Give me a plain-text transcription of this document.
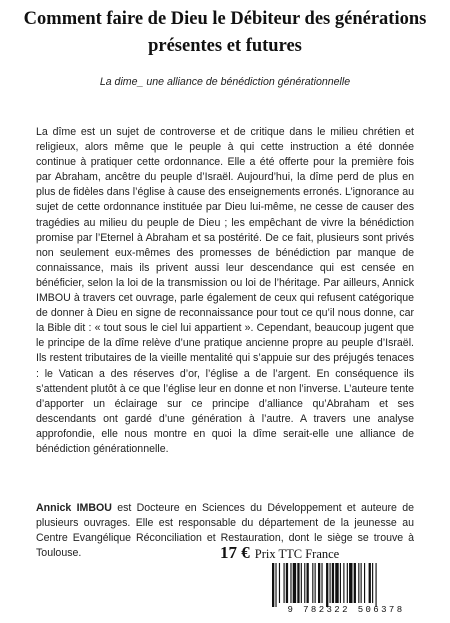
Comment faire de Dieu le Débiteur des générations présentes et futures
La dime_ une alliance de bénédiction générationnelle

La dîme est un sujet de controverse et de critique dans le milieu chrétien et religieux, alors même que le peuple à qui cette instruction a été donnée continue à pratiquer cette ordonnance. Elle a été offerte pour la première fois par Abraham, ancêtre du peuple d’Israël. Aujourd’hui, la dîme perd de plus en plus de fidèles dans l’église à cause des enseignements erronés. L’ignorance au sujet de cette ordonnance instituée par Dieu lui-même, ne cesse de causer des tragédies au milieu du peuple de Dieu ; les empêchant de vivre la bénédiction promise par l’Eternel à Abraham et sa postérité. De ce fait, plusieurs sont privés non seulement eux-mêmes des promesses de bénédiction par manque de connaissance, mais ils privent aussi leur descendance qui est censée en bénéficier, selon la loi de la transmission ou loi de l’héritage. Par ailleurs, Annick IMBOU à travers cet ouvrage, parle également de ceux qui refusent catégorique de donner à Dieu en signe de reconnaissance pour tout ce qu’il nous donne, car la Bible dit : « tout sous le ciel lui appartient ». Cependant, beaucoup jugent que le principe de la dîme relève d’une pratique ancienne propre au peuple d’Israël. Ils restent tributaires de la vieille mentalité qui s’appuie sur des préjugés tenaces : le Vatican a des réserves d’or, l’église a de l’argent. En conséquence ils s’attendent plutôt à ce que l’église leur en donne et non l’inverse. L’auteure tente d’apporter un éclairage sur ce principe d’alliance qu’Abraham et ses descendants ont gardé d’une génération à l’autre. A travers une analyse approfondie, elle nous montre en quoi la dîme serait-elle une alliance de bénédiction générationnelle.

Annick IMBOU est Docteure en Sciences du Développement et auteure de plusieurs ouvrages. Elle est responsable du département de la jeunesse au Centre Evangélique Réconciliation et Restauration, dont le siège se trouve à Toulouse.	17 € Prix TTC France
9 782322 506378
